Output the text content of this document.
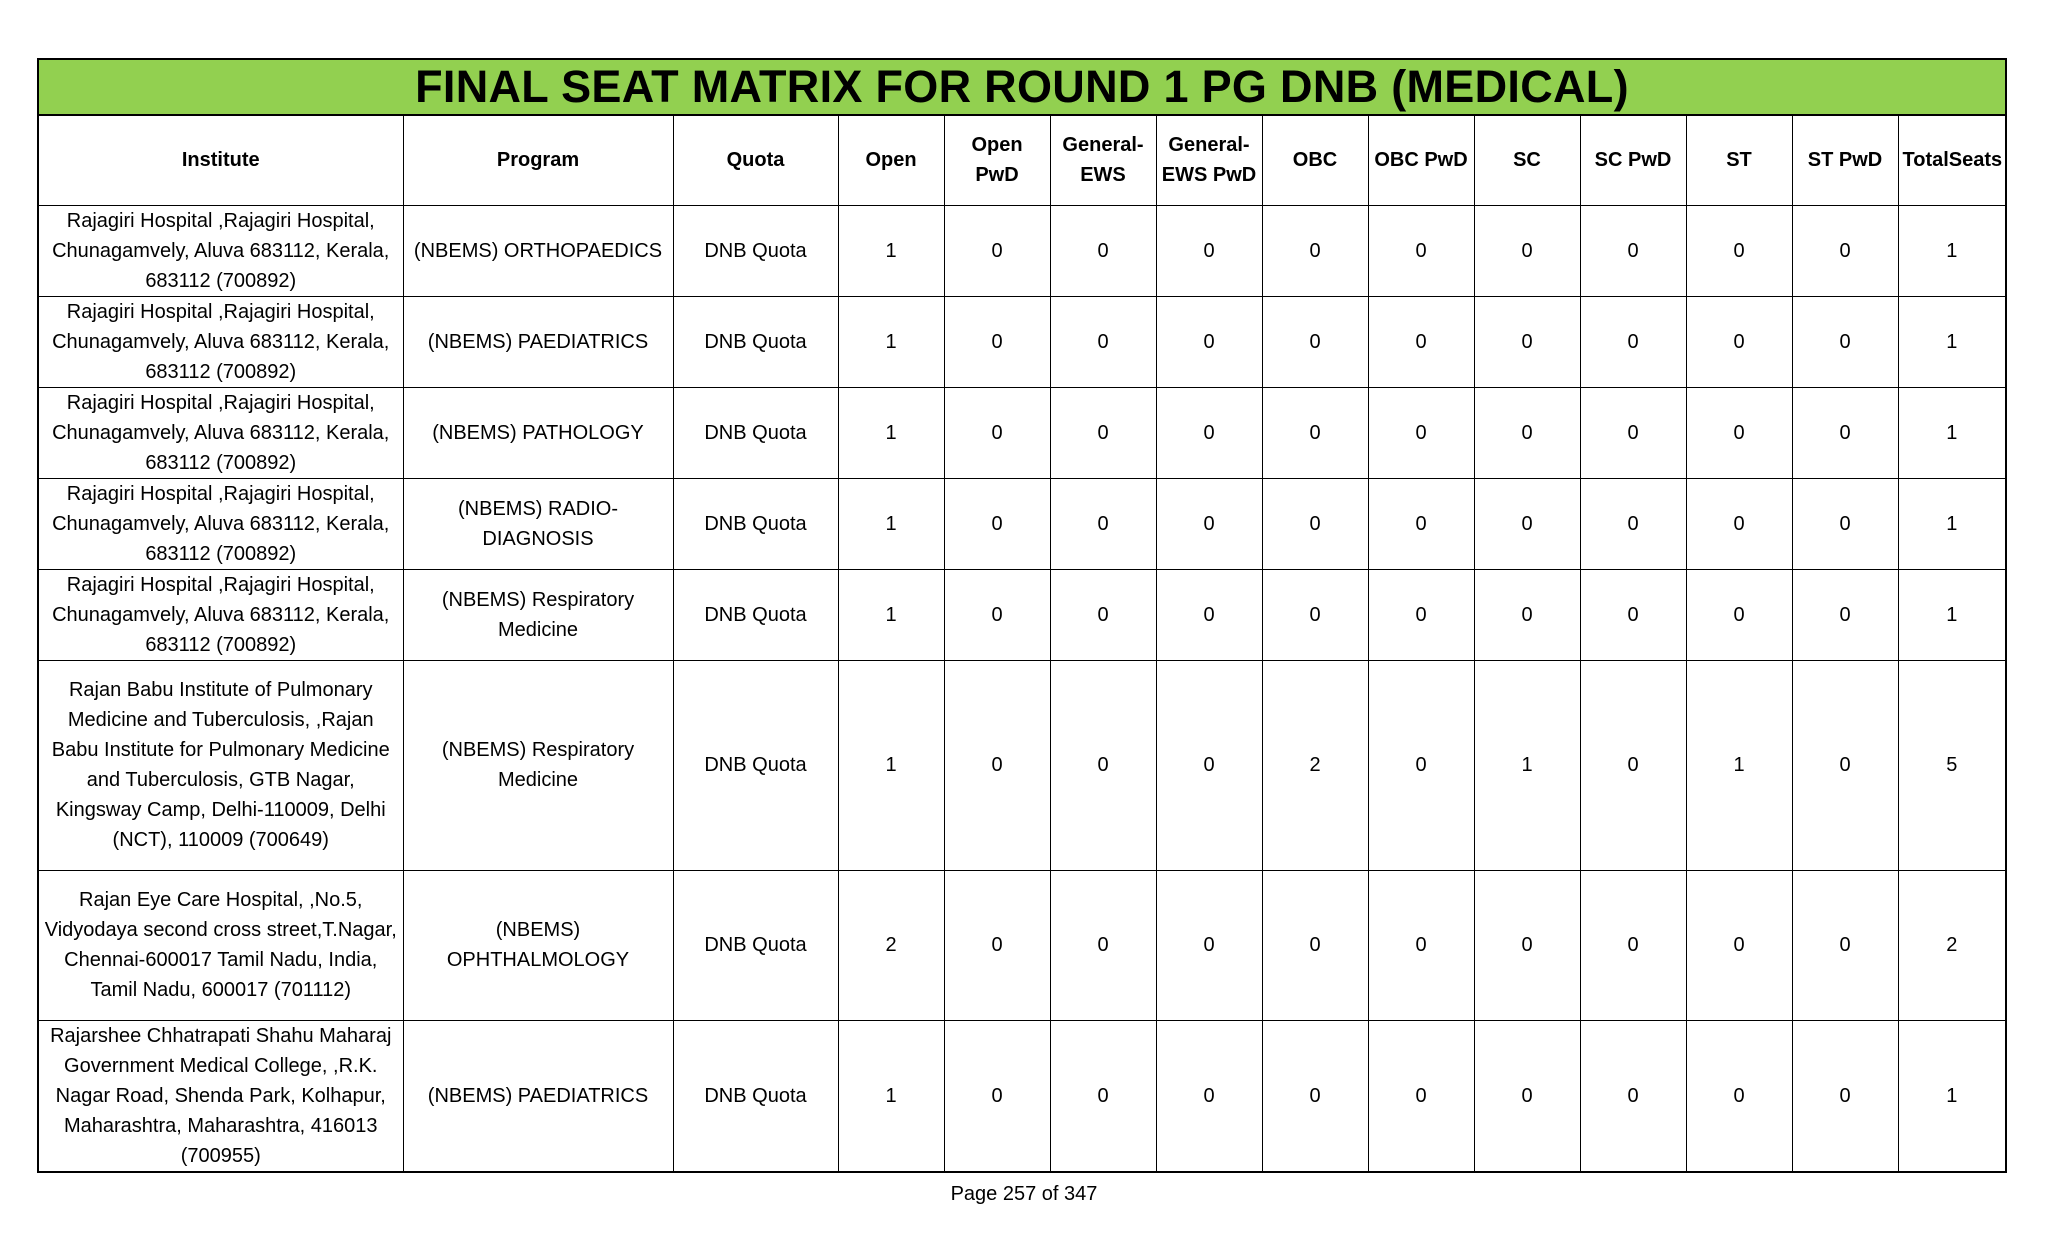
FINAL SEAT MATRIX FOR ROUND 1 PG DNB (MEDICAL)
Institute	Program	Quota	Open	Open PwD	General-EWS	General-EWS PwD	OBC	OBC PwD	SC	SC PwD	ST	ST PwD	TotalSeats
Rajagiri Hospital ,Rajagiri Hospital, Chunagamvely, Aluva 683112, Kerala, 683112 (700892)	(NBEMS) ORTHOPAEDICS	DNB Quota	1	0	0	0	0	0	0	0	0	0	1
Rajagiri Hospital ,Rajagiri Hospital, Chunagamvely, Aluva 683112, Kerala, 683112 (700892)	(NBEMS) PAEDIATRICS	DNB Quota	1	0	0	0	0	0	0	0	0	0	1
Rajagiri Hospital ,Rajagiri Hospital, Chunagamvely, Aluva 683112, Kerala, 683112 (700892)	(NBEMS) PATHOLOGY	DNB Quota	1	0	0	0	0	0	0	0	0	0	1
Rajagiri Hospital ,Rajagiri Hospital, Chunagamvely, Aluva 683112, Kerala, 683112 (700892)	(NBEMS) RADIO-DIAGNOSIS	DNB Quota	1	0	0	0	0	0	0	0	0	0	1
Rajagiri Hospital ,Rajagiri Hospital, Chunagamvely, Aluva 683112, Kerala, 683112 (700892)	(NBEMS) Respiratory Medicine	DNB Quota	1	0	0	0	0	0	0	0	0	0	1
Rajan Babu Institute of Pulmonary Medicine and Tuberculosis, ,Rajan Babu Institute for Pulmonary Medicine and Tuberculosis, GTB Nagar, Kingsway Camp, Delhi-110009, Delhi (NCT), 110009 (700649)	(NBEMS) Respiratory Medicine	DNB Quota	1	0	0	0	2	0	1	0	1	0	5
Rajan Eye Care Hospital, ,No.5, Vidyodaya second cross street,T.Nagar, Chennai-600017 Tamil Nadu, India, Tamil Nadu, 600017 (701112)	(NBEMS) OPHTHALMOLOGY	DNB Quota	2	0	0	0	0	0	0	0	0	0	2
Rajarshee Chhatrapati Shahu Maharaj Government Medical College, ,R.K. Nagar Road, Shenda Park, Kolhapur, Maharashtra, Maharashtra, 416013 (700955)	(NBEMS) PAEDIATRICS	DNB Quota	1	0	0	0	0	0	0	0	0	0	1
Page 257 of 347
